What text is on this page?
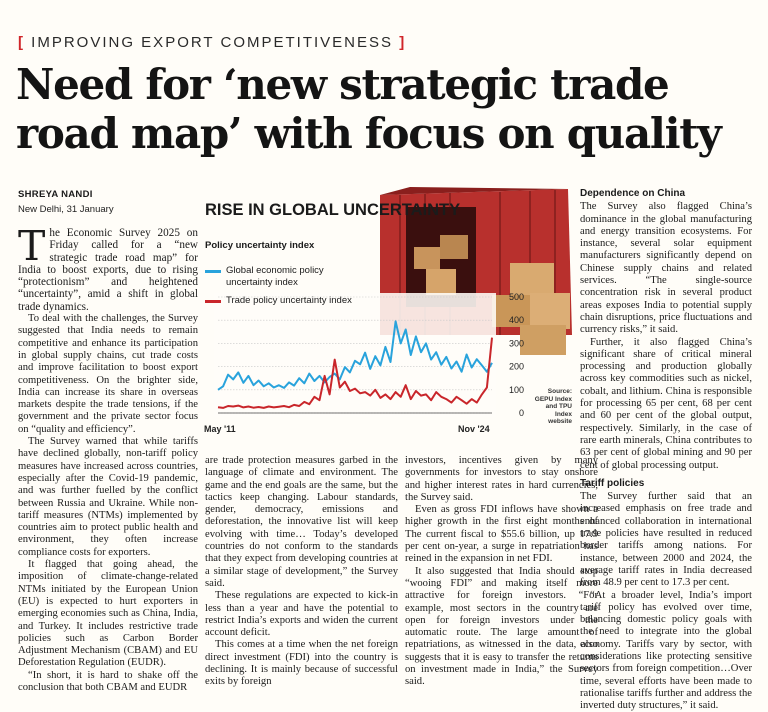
[ IMPROVING EXPORT COMPETITIVENESS ]
Need for ‘new strategic trade
road map’ with focus on quality
SHREYA NANDI
New Delhi, 31 January

The Economic Survey 2025 on Friday called for a “new strategic trade road map” for India to boost exports, due to rising “protectionism” and heightened “uncertainty”, amid a shift in global trade dynamics.

To deal with the challenges, the Survey suggested that India needs to remain competitive and enhance its participation in global supply chains, cut trade costs and improve facilitation to boost export competitiveness. On the brighter side, India can increase its share in overseas markets despite the trade tensions, if the government and the private sector focus on “quality and efficiency”.

The Survey warned that while tariffs have declined globally, non-tariff policy measures have increased across countries, especially after the Covid-19 pandemic, and was further fuelled by the conflict between Russia and Ukraine. While non-tariff measures (NTMs) implemented by countries aim to protect public health and environment, they often increase compliance costs for exporters.

It flagged that going ahead, the imposition of climate-change-related NTMs initiated by the European Union (EU) is expected to hurt exporters in emerging economies such as China, India, and Turkey. It includes restrictive trade policies such as Carbon Border Adjustment Mechanism (CBAM) and EU Deforestation Regulation (EUDR).

“In short, it is hard to shake off the conclusion that both CBAM and EUDR

0
100
200
300
400
500
May '11	Nov '24
RISE IN GLOBAL UNCERTAINTY
Policy uncertainty index
Global economic policy uncertainty index
Trade policy uncertainty index
Source: GEPU Index and TPU Index website

are trade protection measures garbed in the language of climate and environment. The game and the end goals are the same, but the tactics keep changing. Labour standards, gender, democracy, emissions and deforestation, the innovative list will keep evolving with time… Today’s developed countries do not conform to the standards that they expect from developing countries at a similar stage of development,” the Survey said.

These regulations are expected to kick-in less than a year and have the potential to restrict India’s exports and widen the current account deficit.

This comes at a time when the net foreign direct investment (FDI) into the country is declining. It is mainly because of successful exits by foreign

investors, incentives given by many governments for investors to stay onshore and higher interest rates in hard currencies, the Survey said.

Even as gross FDI inflows have shown a higher growth in the first eight months of The current fiscal to $55.6 billion, up 17.9 per cent on-year, a surge in repatriation has reined in the expansion in net FDI.

It also suggested that India should stop “wooing FDI” and making itself more attractive for foreign investors. “For example, most sectors in the country are open for foreign investors under the automatic route. The large amount of repatriations, as witnessed in the data, also suggests that it is easy to transfer the returns on investment made in India,” the Survey said.

Dependence on China

The Survey also flagged China’s dominance in the global manufacturing and energy transition ecosystems. For instance, several solar equipment manufacturers significantly depend on Chinese supply chains and related services. “The single-source concentration risk in several product areas exposes India to potential supply chain disruptions, price fluctuations and currency risks,” it said.

Further, it also flagged China’s significant share of critical mineral processing and production globally across key commodities such as nickel, cobalt, and lithium. China is responsible for processing 65 per cent, 68 per cent and 60 per cent of the global output, respectively. Similarly, in the case of rare earth minerals, China contributes to 63 per cent of global mining and 90 per cent of global processing output.

Tariff policies

The Survey further said that an increased emphasis on free trade and enhanced collaboration in international trade policies have resulted in reduced border tariffs among nations. For instance, between 2000 and 2024, the average tariff rates in India decreased from 48.9 per cent to 17.3 per cent.

“At a broader level, India’s import tariff policy has evolved over time, balancing domestic policy goals with the need to integrate into the global economy. Tariffs vary by sector, with considerations like protecting sensitive sectors from foreign competition…Over time, several efforts have been made to rationalise tariffs further and address the inverted duty structures,” it said.
